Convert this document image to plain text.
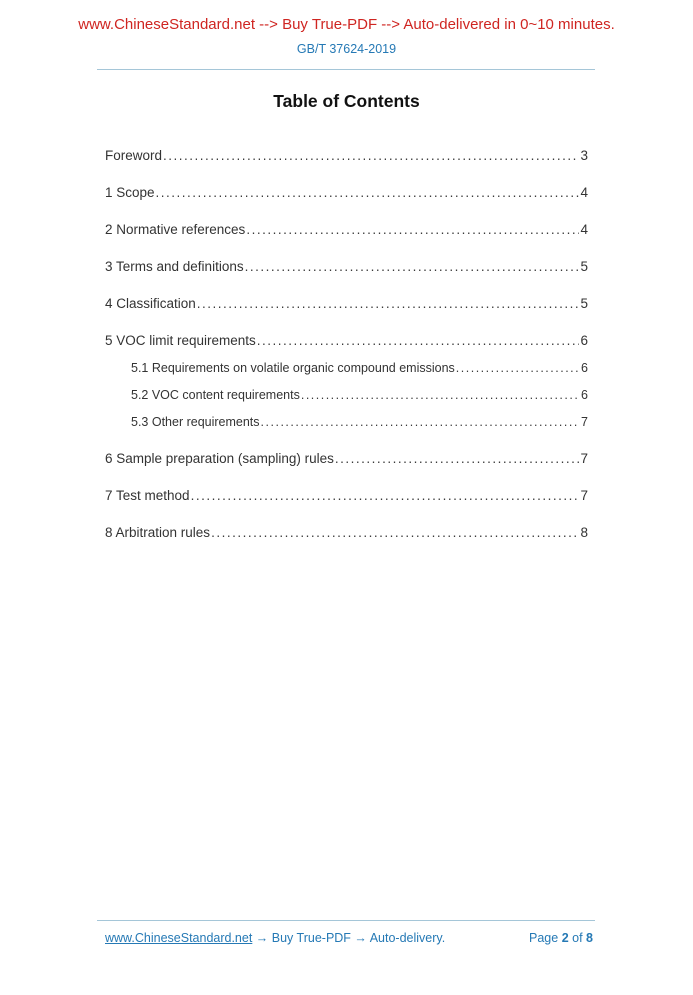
www.ChineseStandard.net --> Buy True-PDF --> Auto-delivered in 0~10 minutes.
GB/T 37624-2019
Table of Contents
Foreword .....	3
1 Scope .....	4
2 Normative references .....	4
3 Terms and definitions .....	5
4 Classification .....	5
5 VOC limit requirements .....	6
5.1 Requirements on volatile organic compound emissions .....	6
5.2 VOC content requirements .....	6
5.3 Other requirements .....	7
6 Sample preparation (sampling) rules .....	7
7 Test method .....	7
8 Arbitration rules .....	8
www.ChineseStandard.net → Buy True-PDF → Auto-delivery.	Page 2 of 8
